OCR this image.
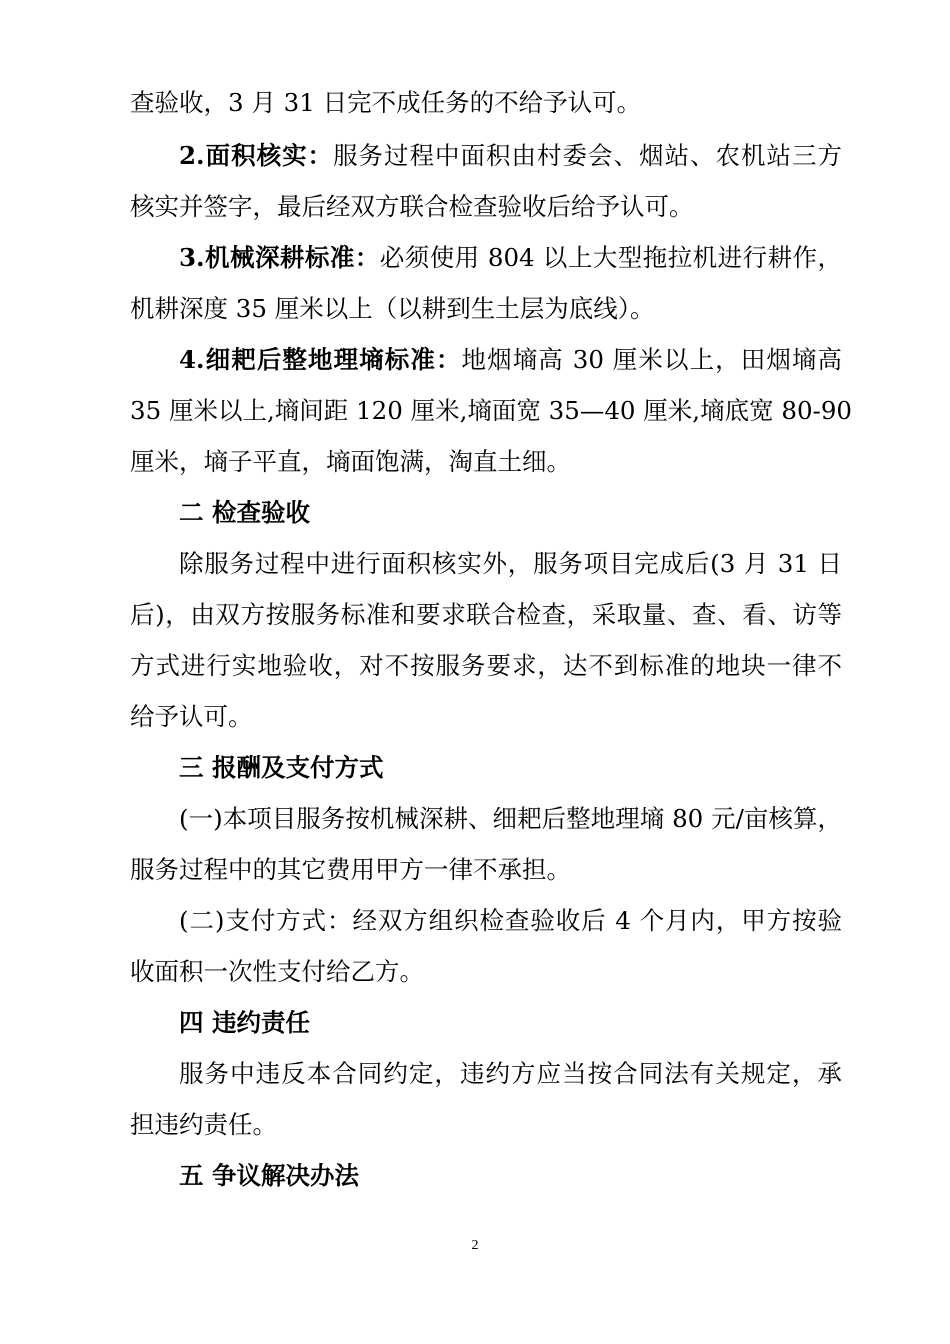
查验收，3 月 31 日完不成任务的不给予认可。
2.面积核实：服务过程中面积由村委会、烟站、农机站三方
核实并签字，最后经双方联合检查验收后给予认可。
3.机械深耕标准：必须使用 804 以上大型拖拉机进行耕作，
机耕深度 35 厘米以上（以耕到生土层为底线）。
4.细耙后整地理墒标准：地烟墒高 30 厘米以上，田烟墒高
35 厘米以上,墒间距 120 厘米,墒面宽 35—40 厘米,墒底宽 80-90
厘米，墒子平直，墒面饱满，淘直土细。
二 检查验收
除服务过程中进行面积核实外，服务项目完成后(3 月 31 日
后)，由双方按服务标准和要求联合检查，采取量、查、看、访等
方式进行实地验收，对不按服务要求，达不到标准的地块一律不
给予认可。
三 报酬及支付方式
(一)本项目服务按机械深耕、细耙后整地理墒 80 元/亩核算，
服务过程中的其它费用甲方一律不承担。
(二)支付方式：经双方组织检查验收后 4 个月内，甲方按验
收面积一次性支付给乙方。
四 违约责任
服务中违反本合同约定，违约方应当按合同法有关规定，承
担违约责任。
五 争议解决办法
2
